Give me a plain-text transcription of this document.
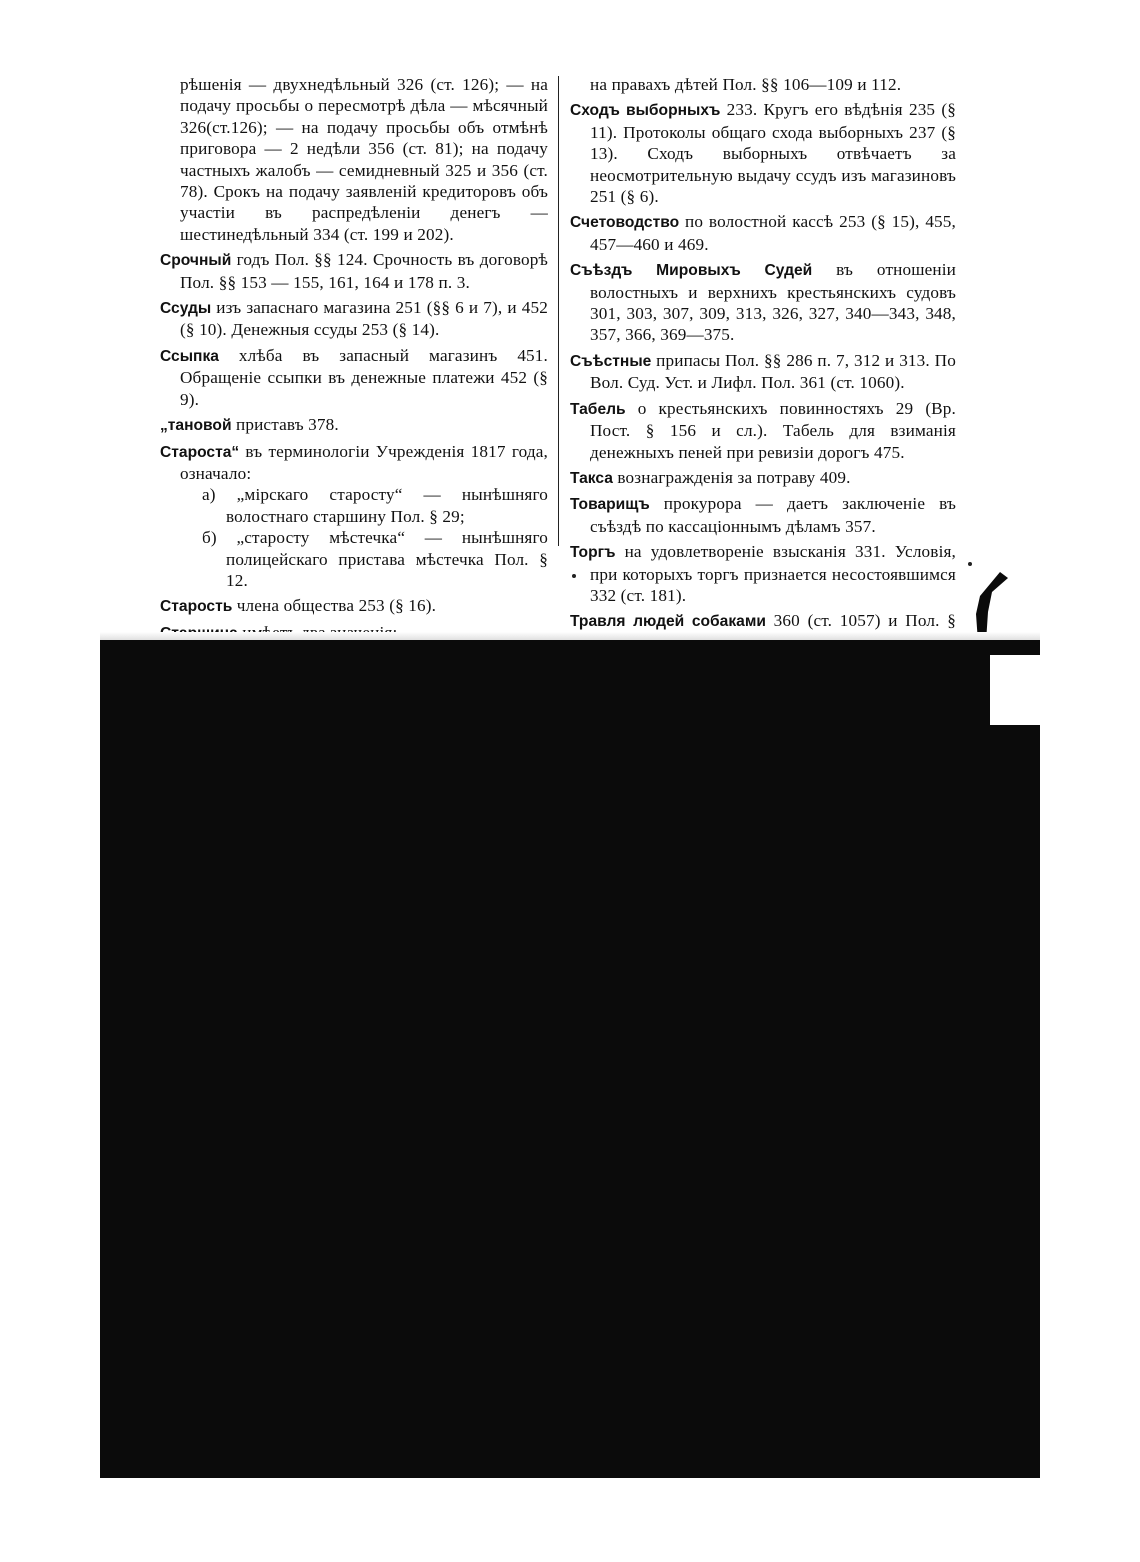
рѣшенія — двухнедѣльный 326 (ст. 126); — на подачу просьбы о пересмотрѣ дѣла — мѣсячный 326(ст.126); — на подачу просьбы объ отмѣнѣ приговора — 2 недѣли 356 (ст. 81); на подачу частныхъ жалобъ — семидневный 325 и 356 (ст. 78). Срокъ на подачу заявленій кредиторовъ объ участіи въ распредѣленіи денегъ — шестинедѣльный 334 (ст. 199 и 202).

Срочный годъ Пол. §§ 124. Срочность въ договорѣ Пол. §§ 153 — 155, 161, 164 и 178 п. 3.

Ссуды изъ запаснаго магазина 251 (§§ 6 и 7), и 452 (§ 10). Денежныя ссуды 253 (§ 14).

Ссыпка хлѣба въ запасный магазинъ 451. Обращеніе ссыпки въ денежные платежи 452 (§ 9).

„тановой приставъ 378.

Староста“ въ терминологіи Учрежденія 1817 года, означало:

а) „мірскаго старосту“ — нынѣшняго волостнаго старшину Пол. § 29;

б) „старосту мѣстечка“ — нынѣшняго полицейскаго пристава мѣстечка Пол. § 12.

Старость члена общества 253 (§ 16).

на правахъ дѣтей Пол. §§ 106—109 и 112.

Сходъ выборныхъ 233. Кругъ его вѣдѣнія 235 (§ 11). Протоколы общаго схода выборныхъ 237 (§ 13). Сходъ выборныхъ отвѣчаетъ за неосмотрительную выдачу ссудъ изъ магазиновъ 251 (§ 6).

Счетоводство по волостной кассѣ 253 (§ 15), 455, 457—460 и 469.

Съѣздъ Мировыхъ Судей въ отношеніи волостныхъ и верхнихъ крестьянскихъ судовъ 301, 303, 307, 309, 313, 326, 327, 340—343, 348, 357, 366, 369—375.

Съѣстные припасы Пол. §§ 286 п. 7, 312 и 313. По Вол. Суд. Уст. и Лифл. Пол. 361 (ст. 1060).

Табель о крестьянскихъ повинностяхъ 29 (Вр. Пост. § 156 и сл.). Табель для взиманія денежныхъ пеней при ревизіи дорогъ 475.

Такса вознагражденія за потраву 409.

Товарищъ прокурора — даетъ заключеніе въ съѣздѣ по кассаціоннымъ дѣламъ 357.

Торгъ на удовлетвореніе взысканія 331. Условія, при которыхъ торгъ признается несостоявшимся 332 (ст. 181).

Травля людей собаками 360 (ст. 1057) и Пол. §
